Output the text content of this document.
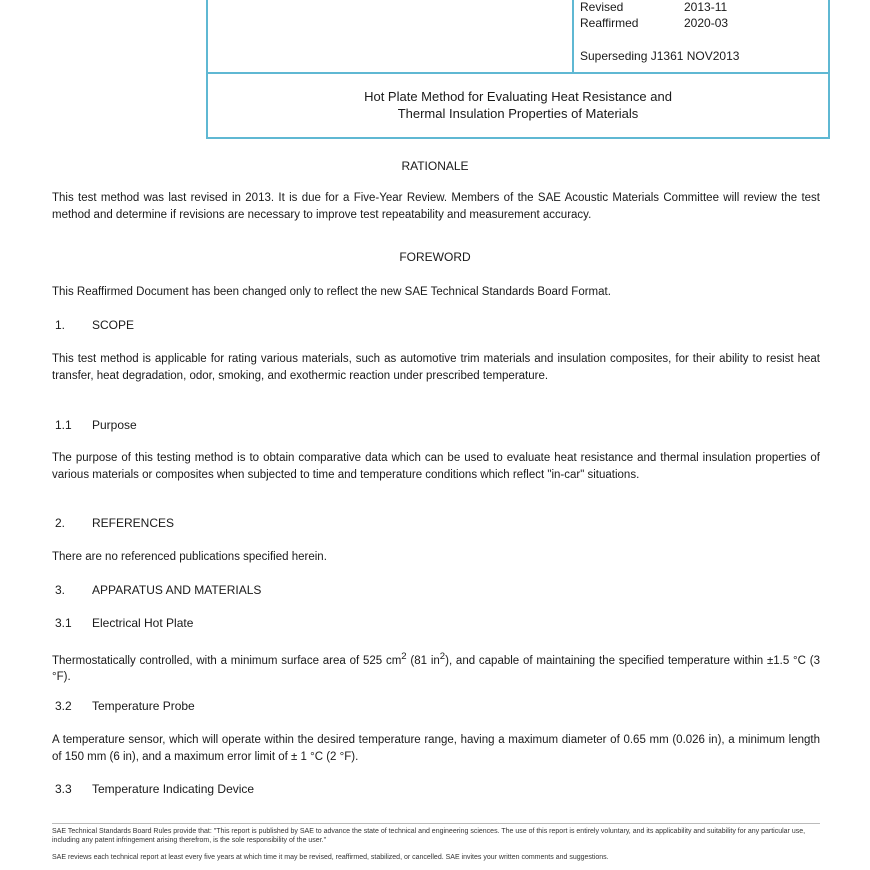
Revised	2013-11
Reaffirmed	2020-03
Superseding J1361 NOV2013
Hot Plate Method for Evaluating Heat Resistance and
Thermal Insulation Properties of Materials
RATIONALE

This test method was last revised in 2013. It is due for a Five-Year Review. Members of the SAE Acoustic Materials Committee will review the test method and determine if revisions are necessary to improve test repeatability and measurement accuracy.

FOREWORD

This Reaffirmed Document has been changed only to reflect the new SAE Technical Standards Board Format.

1. SCOPE

This test method is applicable for rating various materials, such as automotive trim materials and insulation composites, for their ability to resist heat transfer, heat degradation, odor, smoking, and exothermic reaction under prescribed temperature.

1.1 Purpose

The purpose of this testing method is to obtain comparative data which can be used to evaluate heat resistance and thermal insulation properties of various materials or composites when subjected to time and temperature conditions which reflect "in-car" situations.

2. REFERENCES

There are no referenced publications specified herein.

3. APPARATUS AND MATERIALS
3.1 Electrical Hot Plate

Thermostatically controlled, with a minimum surface area of 525 $cm^2$ (81 $in^2$), and capable of maintaining the specified temperature within ±1.5 °C (3 °F).

3.2 Temperature Probe

A temperature sensor, which will operate within the desired temperature range, having a maximum diameter of 0.65 mm (0.026 in), a minimum length of 150 mm (6 in), and a maximum error limit of ± 1 °C (2 °F).

3.3 Temperature Indicating Device
SAE Technical Standards Board Rules provide that: "This report is published by SAE to advance the state of technical and engineering sciences. The use of this report is entirely voluntary, and its applicability and suitability for any particular use, including any patent infringement arising therefrom, is the sole responsibility of the user."
SAE reviews each technical report at least every five years at which time it may be revised, reaffirmed, stabilized, or cancelled. SAE invites your written comments and suggestions.
